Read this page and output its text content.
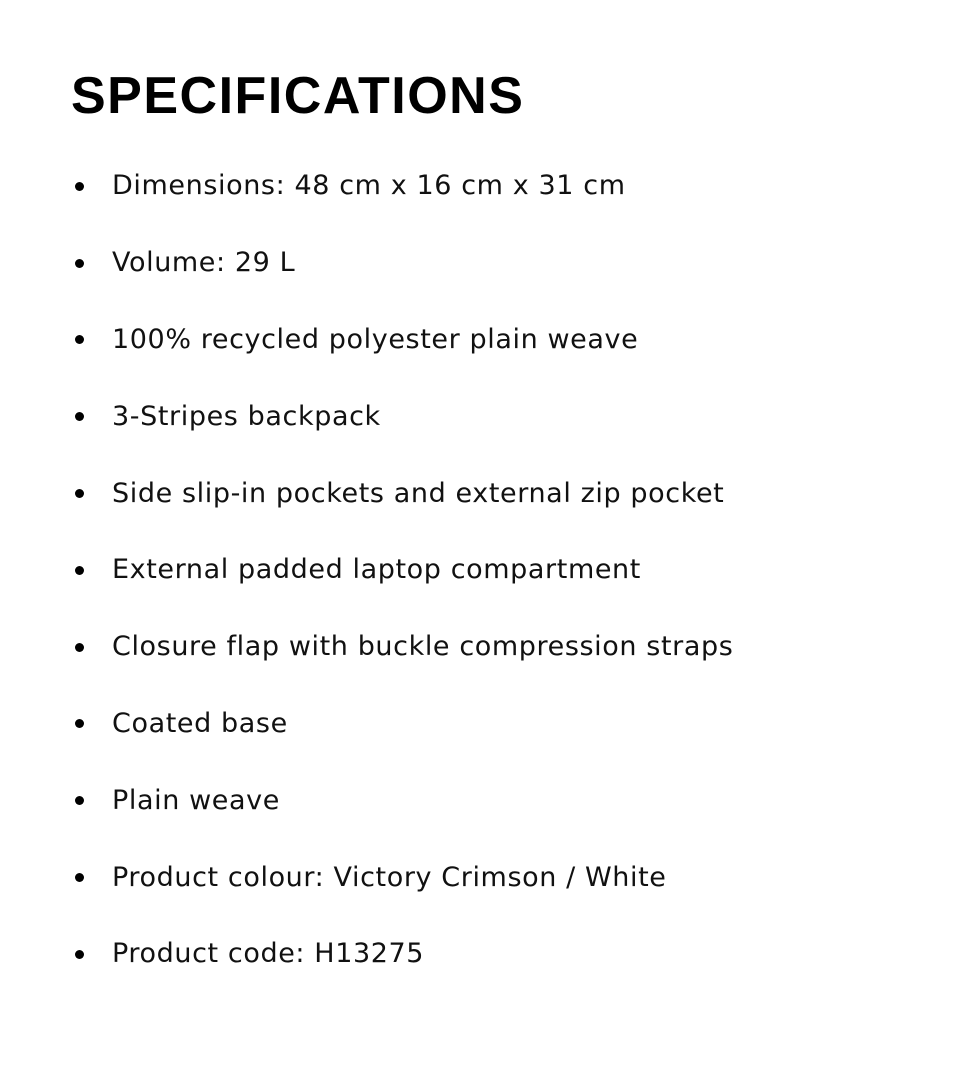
SPECIFICATIONS
Dimensions: 48 cm x 16 cm x 31 cm
Volume: 29 L
100% recycled polyester plain weave
3-Stripes backpack
Side slip-in pockets and external zip pocket
External padded laptop compartment
Closure flap with buckle compression straps
Coated base
Plain weave
Product colour: Victory Crimson / White
Product code: H13275
